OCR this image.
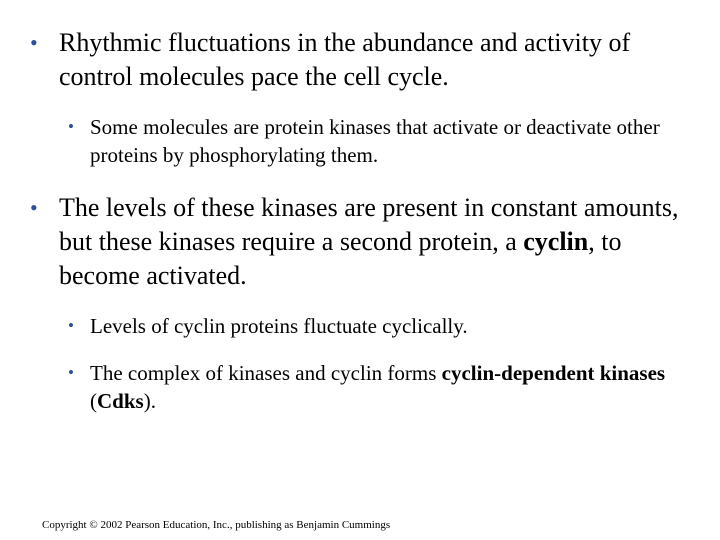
• Rhythmic fluctuations in the abundance and activity of control molecules pace the cell cycle.
• Some molecules are protein kinases that activate or deactivate other proteins by phosphorylating them.
• The levels of these kinases are present in constant amounts, but these kinases require a second protein, a cyclin, to become activated.
• Levels of cyclin proteins fluctuate cyclically.
• The complex of kinases and cyclin forms cyclin-dependent kinases (Cdks).
Copyright © 2002 Pearson Education, Inc., publishing as Benjamin Cummings
